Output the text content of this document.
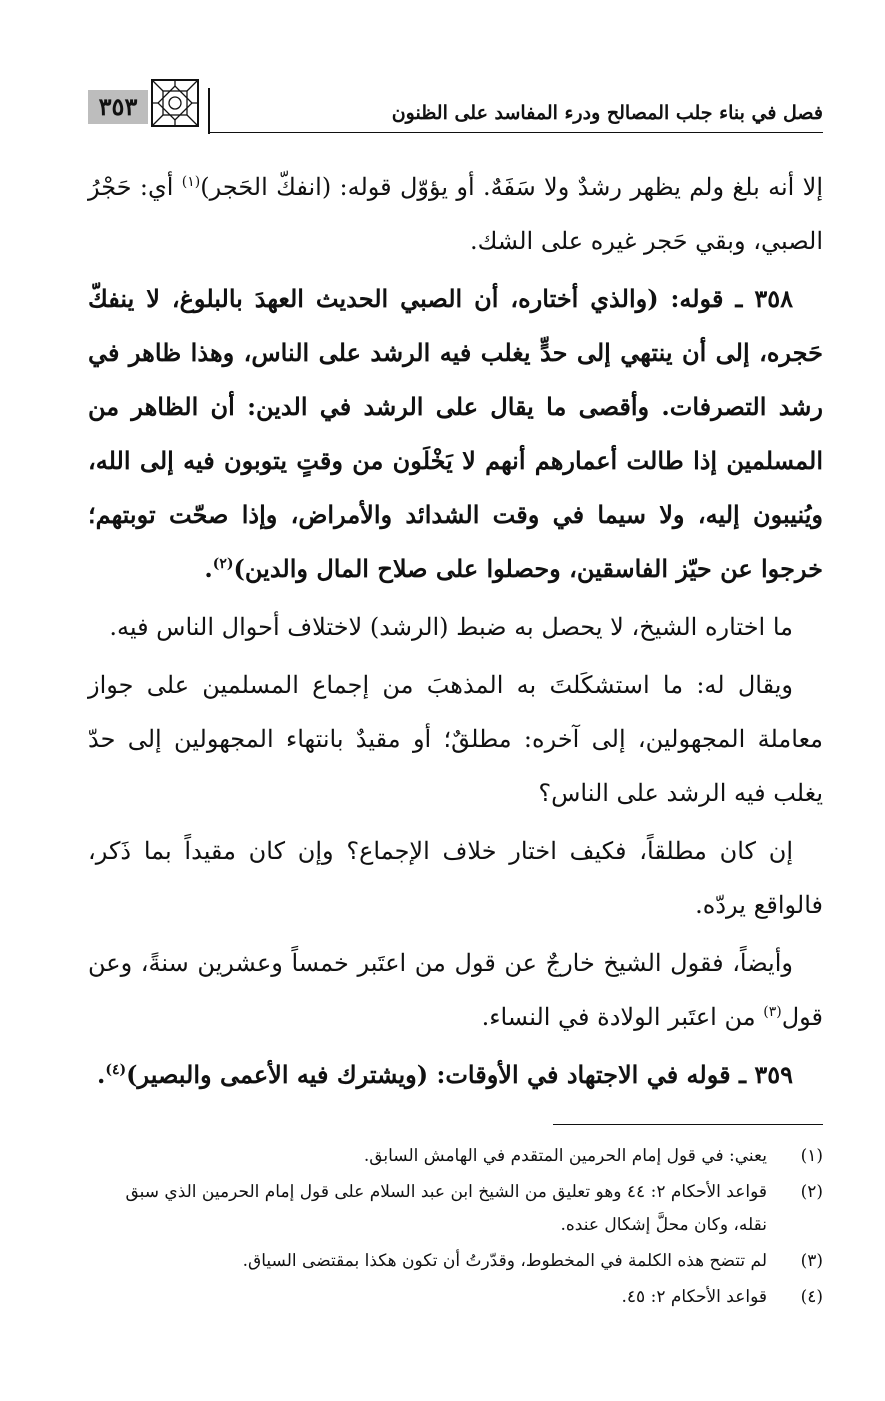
٣٥٣	فصل في بناء جلب المصالح ودرء المفاسد على الظنون

إلا أنه بلغ ولم يظهر رشدٌ ولا سَفَهٌ. أو يؤوّل قوله: (انفكّ الحَجر)$^{(١)}$ أي: حَجْرُ الصبي، وبقي حَجر غيره على الشك.

٣٥٨ ـ قوله: (والذي أختاره، أن الصبي الحديث العهدَ بالبلوغ، لا ينفكّ حَجره، إلى أن ينتهي إلى حدٍّ يغلب فيه الرشد على الناس، وهذا ظاهر في رشد التصرفات. وأقصى ما يقال على الرشد في الدين: أن الظاهر من المسلمين إذا طالت أعمارهم أنهم لا يَخْلَون من وقتٍ يتوبون فيه إلى الله، ويُنيبون إليه، ولا سيما في وقت الشدائد والأمراض، وإذا صحّت توبتهم؛ خرجوا عن حيّز الفاسقين، وحصلوا على صلاح المال والدين)$^{(٢)}$.

ما اختاره الشيخ، لا يحصل به ضبط (الرشد) لاختلاف أحوال الناس فيه.

ويقال له: ما استشكَلتَ به المذهبَ من إجماع المسلمين على جواز معاملة المجهولين، إلى آخره: مطلقٌ؛ أو مقيدٌ بانتهاء المجهولين إلى حدّ يغلب فيه الرشد على الناس؟

إن كان مطلقاً، فكيف اختار خلاف الإجماع؟ وإن كان مقيداً بما ذَكر، فالواقع يردّه.

وأيضاً، فقول الشيخ خارجٌ عن قول من اعتَبر خمساً وعشرين سنةً، وعن قول$^{(٣)}$ من اعتَبر الولادة في النساء.

٣٥٩ ـ قوله في الاجتهاد في الأوقات: (ويشترك فيه الأعمى والبصير)$^{(٤)}$.

(١)
يعني: في قول إمام الحرمين المتقدم في الهامش السابق.
(٢)
قواعد الأحكام ٢: ٤٤ وهو تعليق من الشيخ ابن عبد السلام على قول إمام الحرمين الذي سبق نقله، وكان محلَّ إشكال عنده.
(٣)
لم تتضح هذه الكلمة في المخطوط، وقدّرتُ أن تكون هكذا بمقتضى السياق.
(٤)
قواعد الأحكام ٢: ٤٥.
